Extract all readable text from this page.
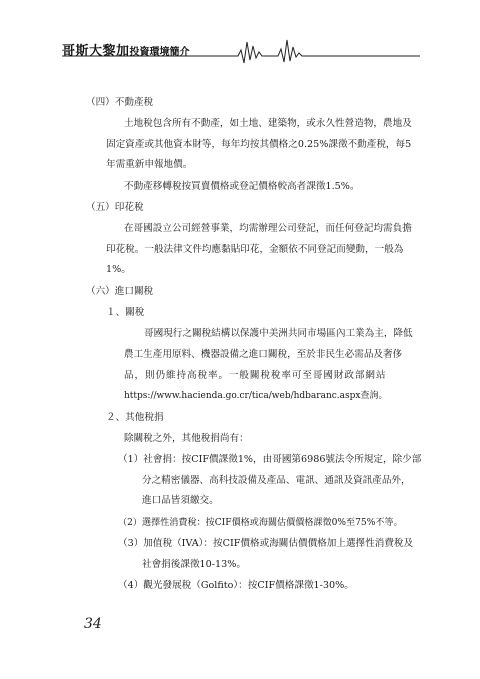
哥斯大黎加投資環境簡介
（四）不動產稅
土地稅包含所有不動產，如土地、建築物，或永久性營造物，農地及
固定資產或其他資本財等，每年均按其價格之0.25%課徵不動產稅，每5
年需重新申報地價。
不動產移轉稅按買賣價格或登記價格較高者課徵1.5%。
（五）印花稅
在哥國設立公司經營事業，均需辦理公司登記，而任何登記均需負擔
印花稅。一般法律文件均應黏貼印花，金額依不同登記而變動，一般為
1%。
（六）進口關稅
１、關稅
哥國現行之關稅結構以保護中美洲共同市場區內工業為主，降低
農工生產用原料、機器設備之進口關稅，至於非民生必需品及奢侈
品，則仍維持高稅率。一般關稅稅率可至哥國財政部網站
https://www.hacienda.go.cr/tica/web/hdbaranc.aspx查詢。
２、其他稅捐
除關稅之外，其他稅捐尚有：
（1）社會捐：按CIF價課徵1%，由哥國第6986號法令所規定，除少部
分之精密儀器、高科技設備及產品、電訊、通訊及資訊產品外，
進口品皆須繳交。
（2）選擇性消費稅：按CIF價格或海關估價價格課徵0%至75%不等。
（3）加值稅（IVA）：按CIF價格或海關估價價格加上選擇性消費稅及
社會捐後課徵10-13%。
（4）觀光發展稅（Golfito）：按CIF價格課徵1-30%。
34
